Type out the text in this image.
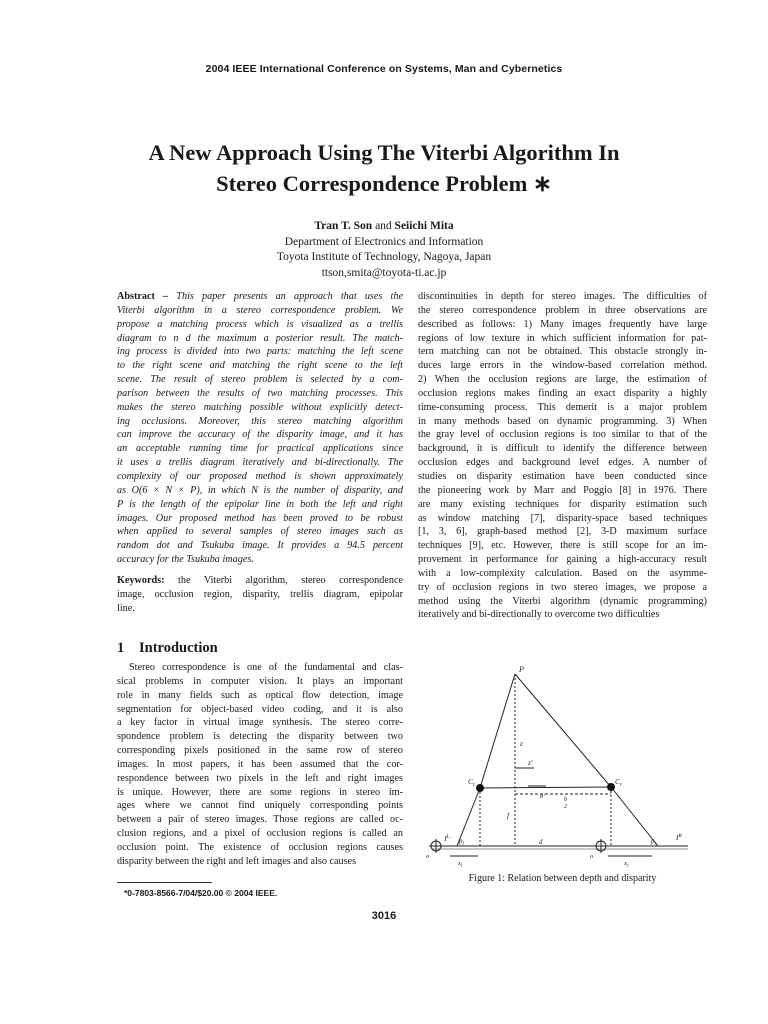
2004 IEEE International Conference on Systems, Man and Cybernetics
A New Approach Using The Viterbi Algorithm In
Stereo Correspondence Problem ∗
Tran T. Son and Seiichi Mita
Department of Electronics and Information
Toyota Institute of Technology, Nagoya, Japan
ttson,smita@toyota-ti.ac.jp
Abstract – This paper presents an approach that uses the
Viterbi algorithm in a stereo correspondence problem. We
propose a matching process which is visualized as a trellis
diagram to n d the maximum a posterior result. The match-
ing process is divided into two parts: matching the left scene
to the right scene and matching the right scene to the left
scene. The result of stereo problem is selected by a com-
parison between the results of two matching processes. This
makes the stereo matching possible without explicitly detect-
ing occlusions. Moreover, this stereo matching algorithm
can improve the accuracy of the disparity image, and it has
an acceptable running time for practical applications since
it uses a trellis diagram iteratively and bi-directionally. The
complexity of our proposed method is shown approximately
as O(6 × N × P), in which N is the number of disparity, and
P is the length of the epipolar line in both the left and right
images. Our proposed method has been proved to be robust
when applied to several samples of stereo images such as
random dot and Tsukuba image. It provides a 94.5 percent
accuracy for the Tsukuba images.
Keywords: the Viterbi algorithm, stereo correspondence
image, occlusion region, disparity, trellis diagram, epipolar
line.
1 Introduction
Stereo correspondence is one of the fundamental and clas-
sical problems in computer vision. It plays an important
role in many fields such as optical flow detection, image
segmentation for object-based video coding, and it is also
a key factor in virtual image synthesis. The stereo corre-
spondence problem is detecting the disparity between two
corresponding pixels positioned in the same row of stereo
images. In most papers, it has been assumed that the cor-
respondence between two pixels in the left and right images
is unique. However, there are some regions in stereo im-
ages where we cannot find uniquely corresponding points
between a pair of stereo images. Those regions are called oc-
clusion regions, and a pixel of occlusion regions is called an
occlusion point. The existence of occlusion regions causes
disparity between the right and left images and also causes
discontinuities in depth for stereo images. The difficulties of
the stereo correspondence problem in three observations are
described as follows: 1) Many images frequently have large
regions of low texture in which sufficient information for pat-
tern matching can not be obtained. This obstacle strongly in-
duces large errors in the window-based correlation method.
2) When the occlusion regions are large, the estimation of
occlusion regions makes finding an exact disparity a highly
time-consuming process. This demerit is a major problem
in many methods based on dynamic programming. 3) When
the gray level of occlusion regions is too similar to that of the
background, it is difficult to identify the difference between
occlusion edges and background level edges. A number of
studies on disparity estimation have been conducted since
the pioneering work by Marr and Poggio [8] in 1976. There
are many existing techniques for disparity estimation such
as window matching [7], disparity-space based techniques
[1, 3, 6], graph-based method [2], 3-D maximum surface
techniques [9], etc. However, there is still scope for an im-
provement in performance for gaining a high-accuracy result
with a low-complexity calculation. Based on the asymme-
try of occlusion regions in two stereo images, we propose a
method using the Viterbi algorithm (dynamic programming)
iteratively and bi-directionally to overcome two difficulties
P
z
z'
$C_l$	$C_r$
b'	b 2
f
$I^R$
$I^L$ $p_l$	$p_r$
$x_l$	$x_r$
o	o
d
Figure 1: Relation between depth and disparity
*0-7803-8566-7/04/$20.00 © 2004 IEEE.
3016
